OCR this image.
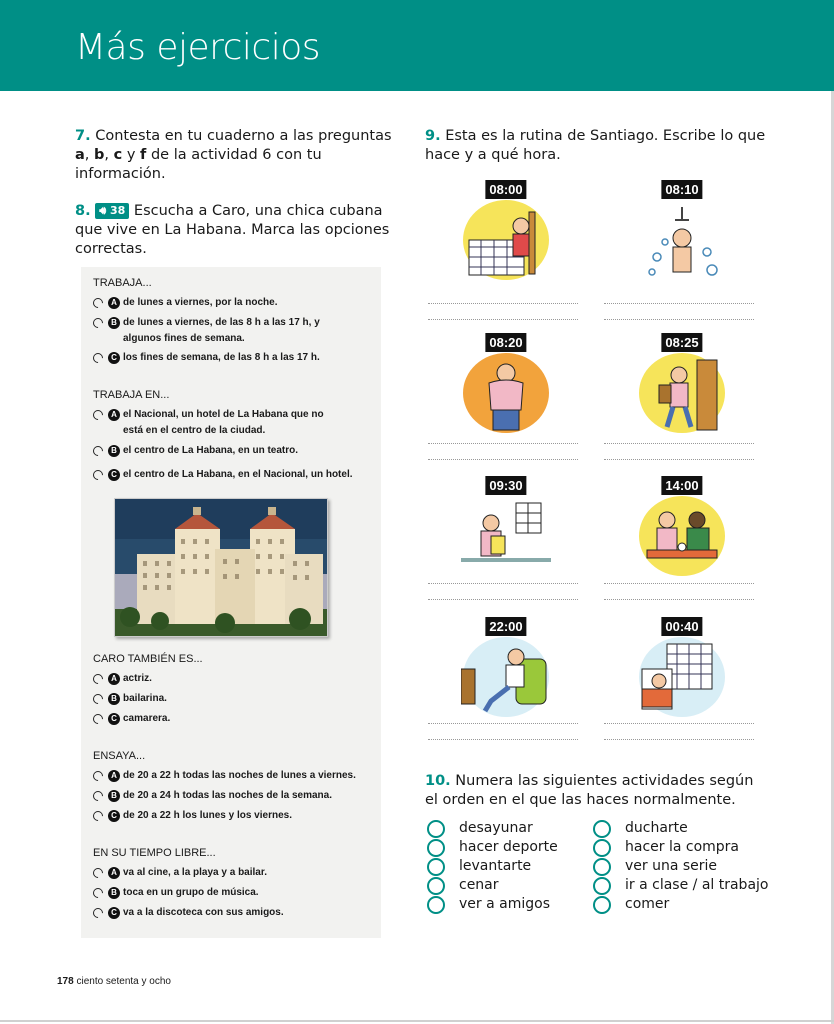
Más ejercicios
7. Contesta en tu cuaderno a las preguntas a, b, c y f de la actividad 6 con tu información.
8. 🔊︎ 38 Escucha a Caro, una chica cubana que vive en La Habana. Marca las opciones correctas.
TRABAJA...
A de lunes a viernes, por la noche.
B de lunes a viernes, de las 8 h a las 17 h, y algunos fines de semana.
C los fines de semana, de las 8 h a las 17 h.
TRABAJA EN...
A el Nacional, un hotel de La Habana que no está en el centro de la ciudad.
B el centro de La Habana, en un teatro.
C el centro de La Habana, en el Nacional, un hotel.
CARO TAMBIÉN ES...
A actriz.
B bailarina.
C camarera.
ENSAYA...
A de 20 a 22 h todas las noches de lunes a viernes.
B de 20 a 24 h todas las noches de la semana.
C de 20 a 22 h los lunes y los viernes.
EN SU TIEMPO LIBRE...
A va al cine, a la playa y a bailar.
B toca en un grupo de música.
C va a la discoteca con sus amigos.
9. Esta es la rutina de Santiago. Escribe lo que hace y a qué hora.
08:00	08:10
08:20	08:25
09:30	14:00
22:00	00:40
10. Numera las siguientes actividades según el orden en el que las haces normalmente.
desayunar
hacer deporte
levantarte
cenar
ver a amigos
ducharte
hacer la compra
ver una serie
ir a clase / al trabajo
comer
178 ciento setenta y ocho
